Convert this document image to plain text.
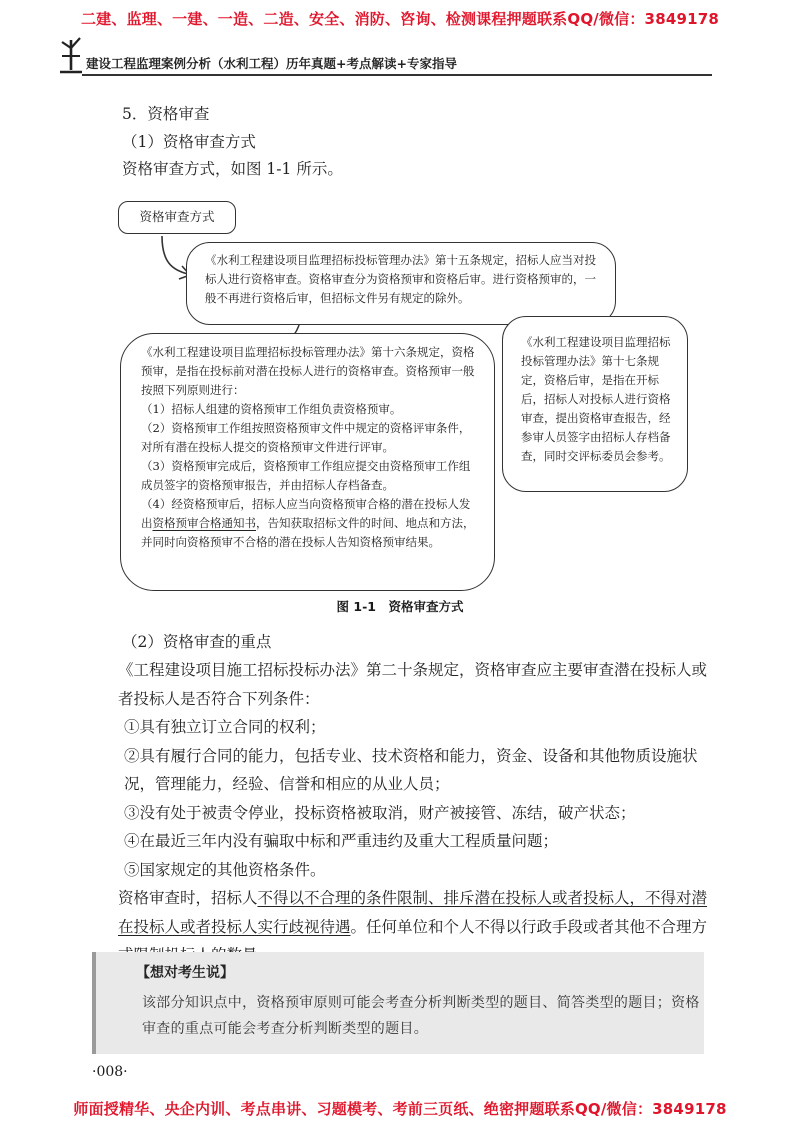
二建、监理、一建、一造、二造、安全、消防、咨询、检测课程押题联系QQ/微信：3849178
建设工程监理案例分析（水利工程）历年真题+考点解读+专家指导
5．资格审查
（1）资格审查方式
资格审查方式，如图 1-1 所示。
资格审查方式

《水利工程建设项目监理招标投标管理办法》第十五条规定，招标人应当对投标人进行资格审查。资格审查分为资格预审和资格后审。进行资格预审的，一般不再进行资格后审，但招标文件另有规定的除外。

《水利工程建设项目监理招标投标管理办法》第十六条规定，资格预审，是指在投标前对潜在投标人进行的资格审查。资格预审一般按照下列原则进行：

（1）招标人组建的资格预审工作组负责资格预审。

（2）资格预审工作组按照资格预审文件中规定的资格评审条件，对所有潜在投标人提交的资格预审文件进行评审。

（3）资格预审完成后，资格预审工作组应提交由资格预审工作组成员签字的资格预审报告，并由招标人存档备查。

（4）经资格预审后，招标人应当向资格预审合格的潜在投标人发出资格预审合格通知书，告知获取招标文件的时间、地点和方法，并同时向资格预审不合格的潜在投标人告知资格预审结果。

《水利工程建设项目监理招标投标管理办法》第十七条规定，资格后审，是指在开标后，招标人对投标人进行资格审查，提出资格审查报告，经参审人员签字由招标人存档备查，同时交评标委员会参考。

图 1-1　资格审查方式
（2）资格审查的重点
《工程建设项目施工招标投标办法》第二十条规定，资格审查应主要审查潜在投标人或者投标人是否符合下列条件：
①具有独立订立合同的权利；
②具有履行合同的能力，包括专业、技术资格和能力，资金、设备和其他物质设施状况，管理能力，经验、信誉和相应的从业人员；
③没有处于被责令停业，投标资格被取消，财产被接管、冻结，破产状态；
④在最近三年内没有骗取中标和严重违约及重大工程质量问题；
⑤国家规定的其他资格条件。
资格审查时，招标人不得以不合理的条件限制、排斥潜在投标人或者投标人，不得对潜在投标人或者投标人实行歧视待遇。任何单位和个人不得以行政手段或者其他不合理方
【想对考生说】
该部分知识点中，资格预审原则可能会考查分析判断类型的题目、简答类型的题目；资格审查的重点可能会考查分析判断类型的题目。
·008·
师面授精华、央企内训、考点串讲、习题模考、考前三页纸、绝密押题联系QQ/微信：3849178
